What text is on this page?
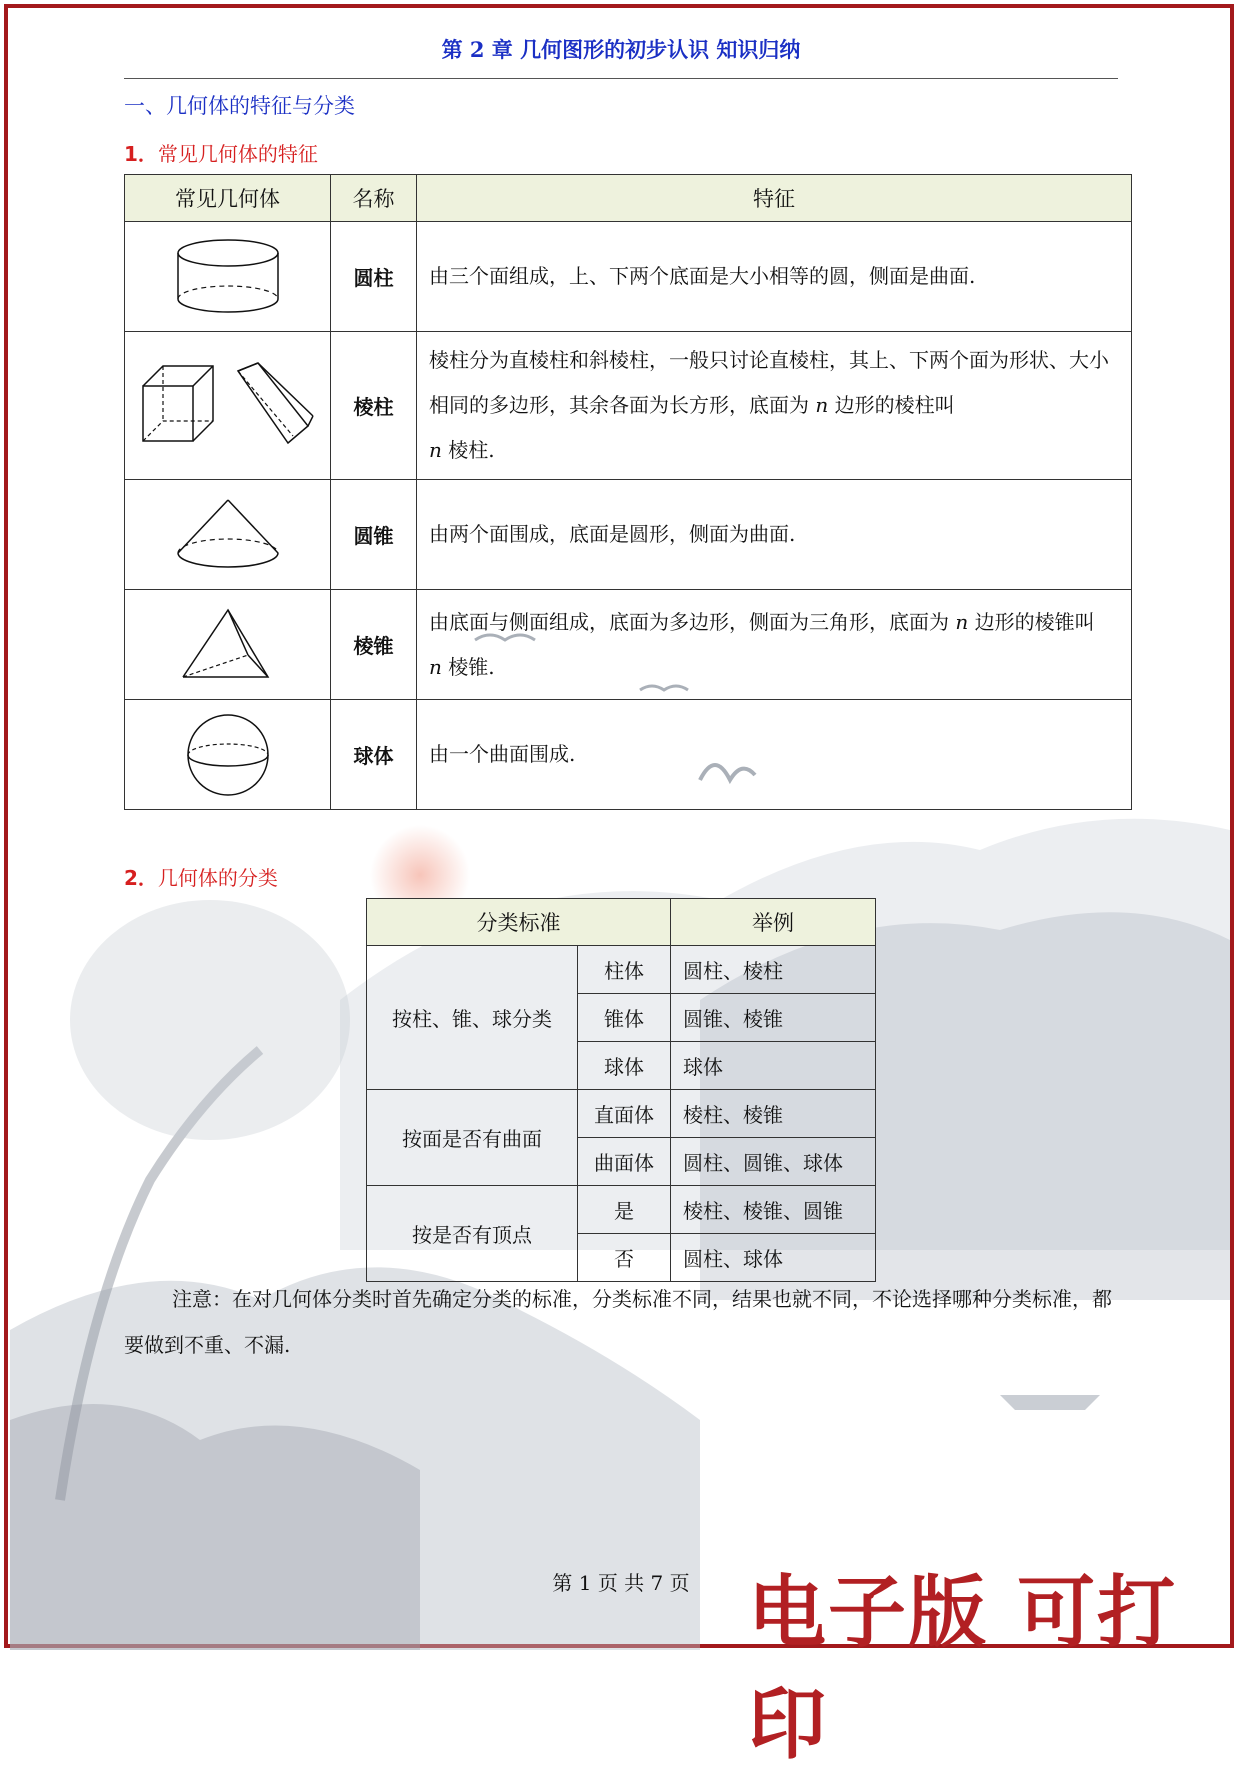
第 2 章 几何图形的初步认识 知识归纳
一、几何体的特征与分类
1．常见几何体的特征
常见几何体	名称	特征

	圆柱	由三个面组成，上、下两个底面是大小相等的圆，侧面是曲面.

	棱柱	棱柱分为直棱柱和斜棱柱，一般只讨论直棱柱，其上、下两个面为形状、大小相同的多边形，其余各面为长方形，底面为 n 边形的棱柱叫
n 棱柱.

	圆锥	由两个面围成，底面是圆形，侧面为曲面.

	棱锥	由底面与侧面组成，底面为多边形，侧面为三角形，底面为 n 边形的棱锥叫
n 棱锥.

	球体	由一个曲面围成.
2．几何体的分类
分类标准		举例
按柱、锥、球分类	柱体	圆柱、棱柱
	锥体	圆锥、棱锥
	球体	球体
按面是否有曲面	直面体	棱柱、棱锥
	曲面体	圆柱、圆锥、球体
按是否有顶点	是	棱柱、棱锥、圆锥
	否	圆柱、球体
注意：在对几何体分类时首先确定分类的标准，分类标准不同，结果也就不同，不论选择哪种分类标准，都要做到不重、不漏.
第 1 页 共 7 页 电子版 可打印
